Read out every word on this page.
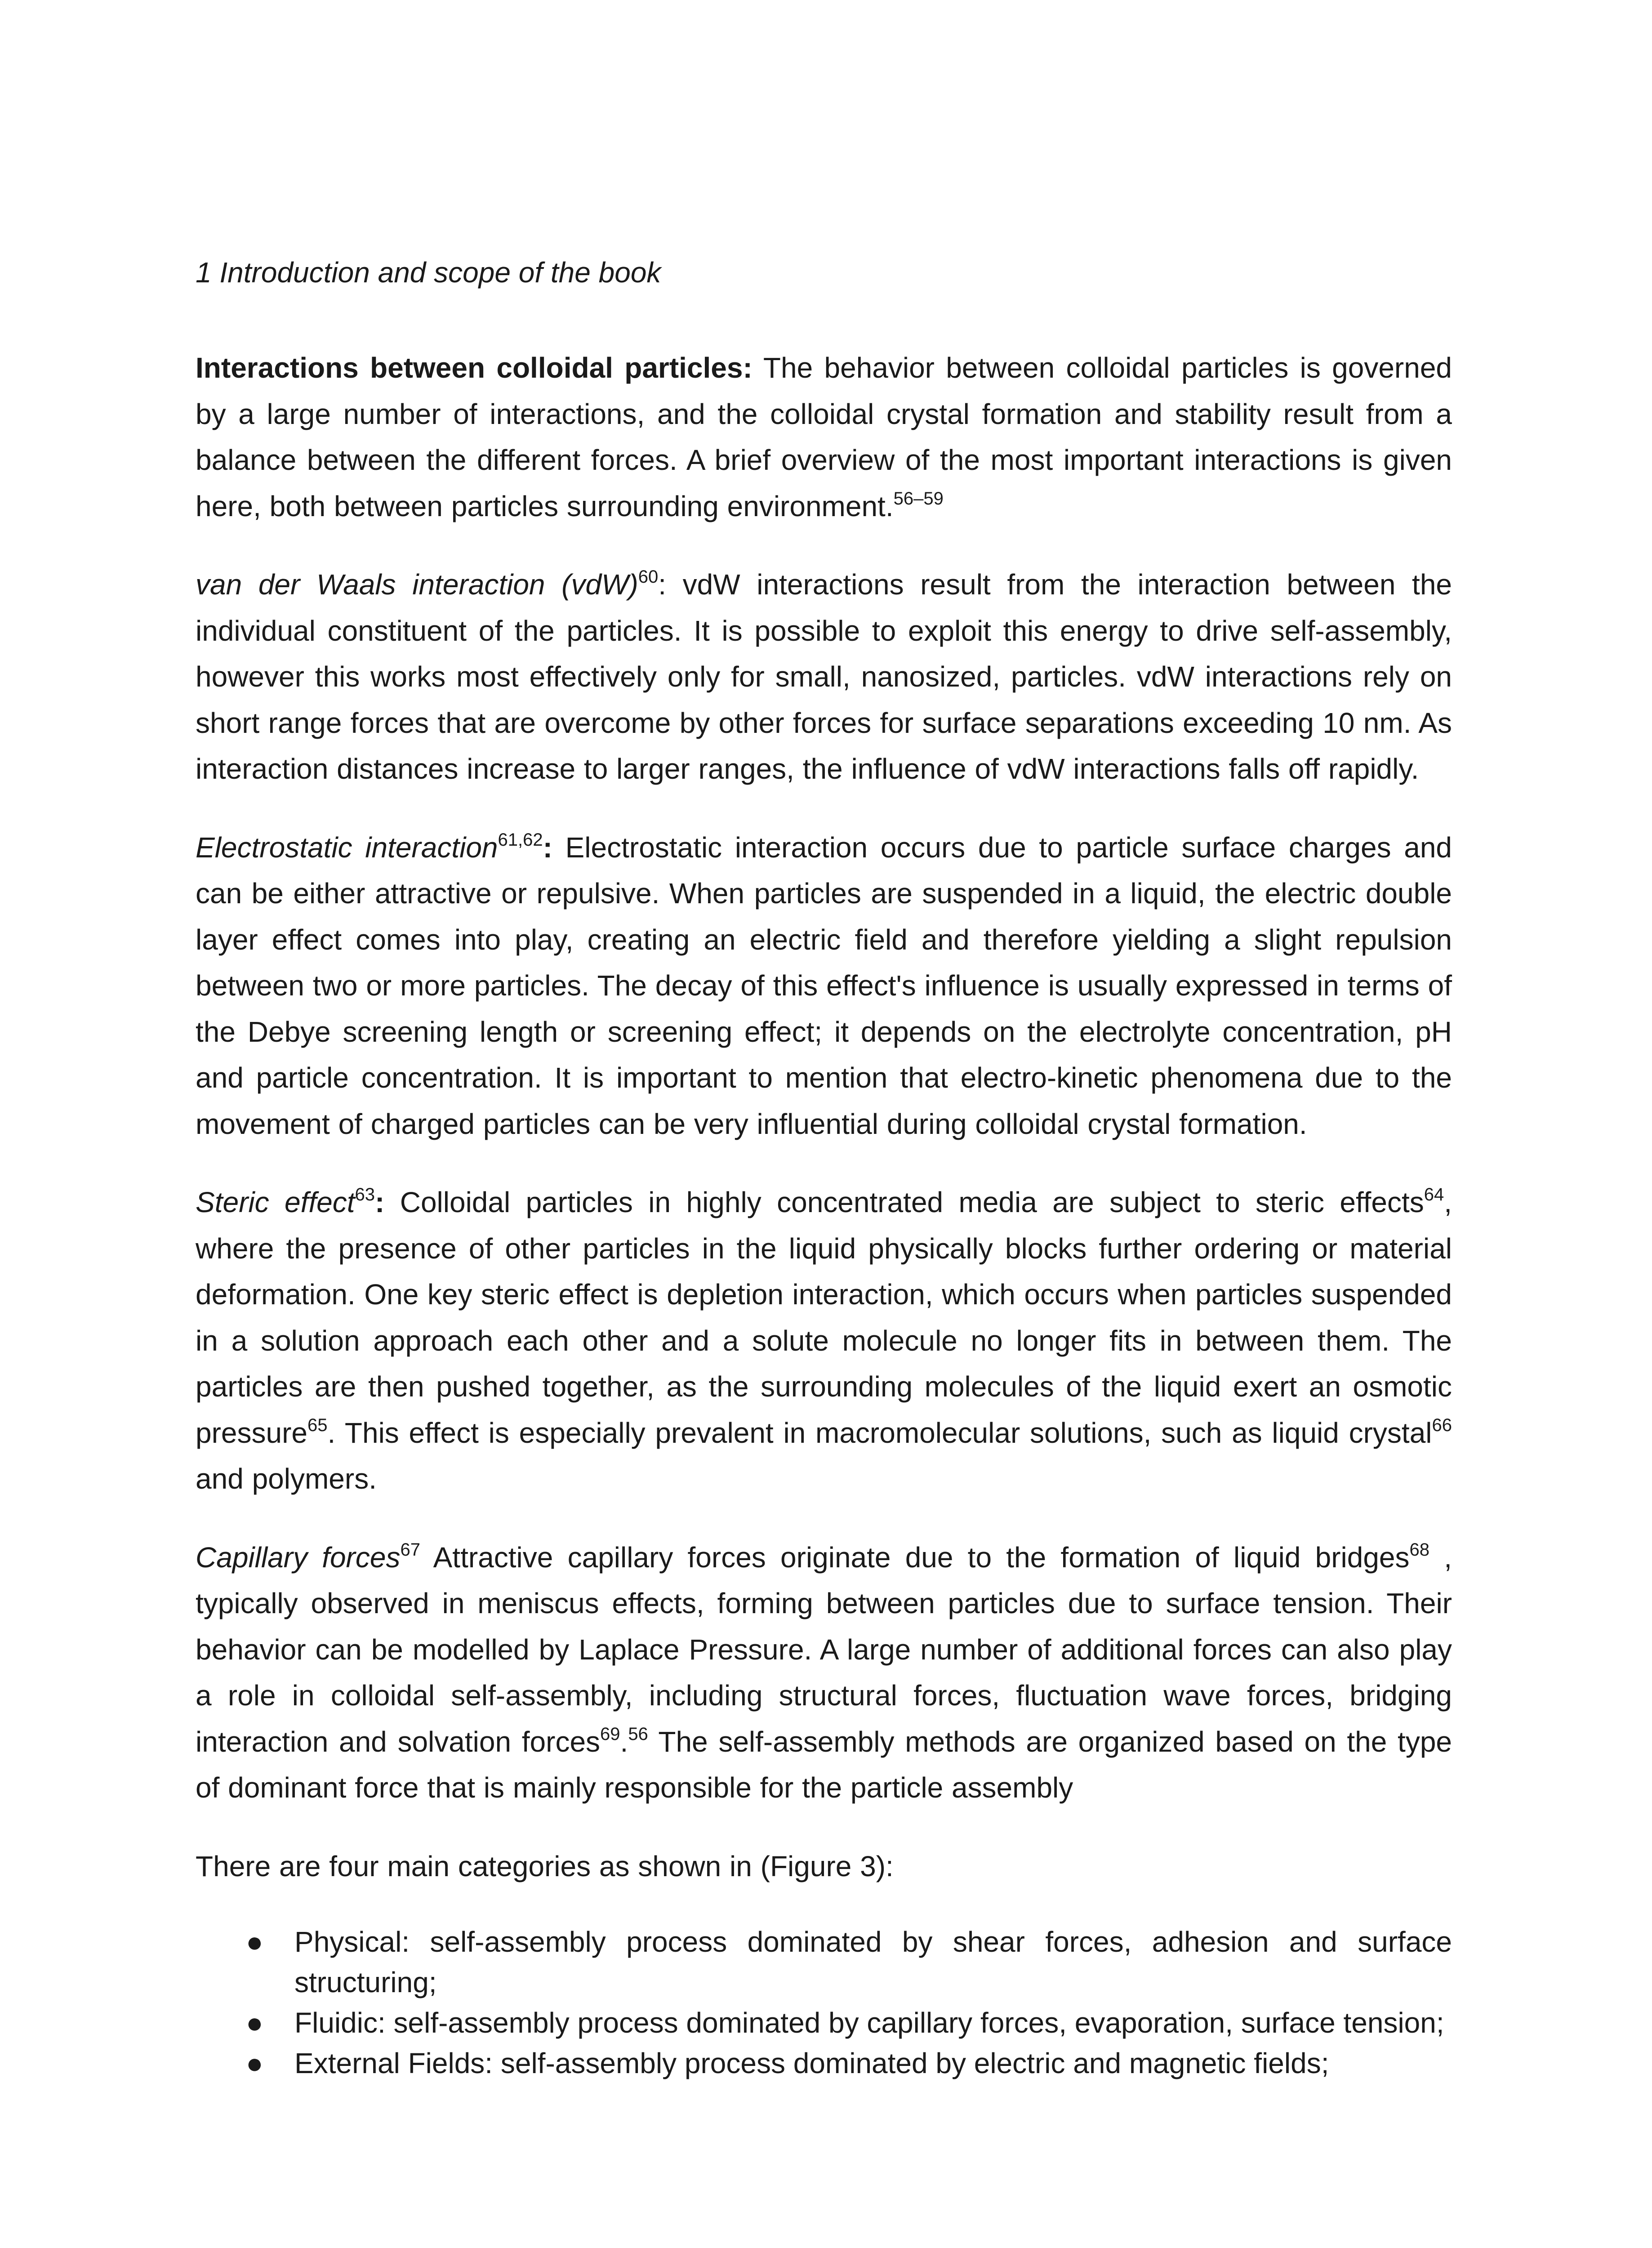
1 Introduction and scope of the book

Interactions between colloidal particles: The behavior between colloidal particles is governed by a large number of interactions, and the colloidal crystal formation and stability result from a balance between the different forces. A brief overview of the most important interactions is given here, both between particles surrounding environment.$^{56-59}$

van der Waals interaction (vdW)$^{60}$: vdW interactions result from the interaction between the individual constituent of the particles. It is possible to exploit this energy to drive self-assembly, however this works most effectively only for small, nanosized, particles. vdW interactions rely on short range forces that are overcome by other forces for surface separations exceeding 10 nm. As interaction distances increase to larger ranges, the influence of vdW interactions falls off rapidly.

Electrostatic interaction$^{61,62}$: Electrostatic interaction occurs due to particle surface charges and can be either attractive or repulsive. When particles are suspended in a liquid, the electric double layer effect comes into play, creating an electric field and therefore yielding a slight repulsion between two or more particles. The decay of this effect's influence is usually expressed in terms of the Debye screening length or screening effect; it depends on the electrolyte concentration, pH and particle concentration. It is important to mention that electro-kinetic phenomena due to the movement of charged particles can be very influential during colloidal crystal formation.

Steric effect$^{63}$: Colloidal particles in highly concentrated media are subject to steric effects$^{64}$, where the presence of other particles in the liquid physically blocks further ordering or material deformation. One key steric effect is depletion interaction, which occurs when particles suspended in a solution approach each other and a solute molecule no longer fits in between them. The particles are then pushed together, as the surrounding molecules of the liquid exert an osmotic pressure$^{65}$. This effect is especially prevalent in macromolecular solutions, such as liquid crystal$^{66}$ and polymers.

Capillary forces$^{67}$ Attractive capillary forces originate due to the formation of liquid bridges$^{68}$ , typically observed in meniscus effects, forming between particles due to surface tension. Their behavior can be modelled by Laplace Pressure. A large number of additional forces can also play a role in colloidal self-assembly, including structural forces, fluctuation wave forces, bridging interaction and solvation forces$^{69}$.$^{56}$ The self-assembly methods are organized based on the type of dominant force that is mainly responsible for the particle assembly

There are four main categories as shown in (Figure 3):

● Physical: self-assembly process dominated by shear forces, adhesion and surface structuring;
● Fluidic: self-assembly process dominated by capillary forces, evaporation, surface tension;
● External Fields: self-assembly process dominated by electric and magnetic fields;
